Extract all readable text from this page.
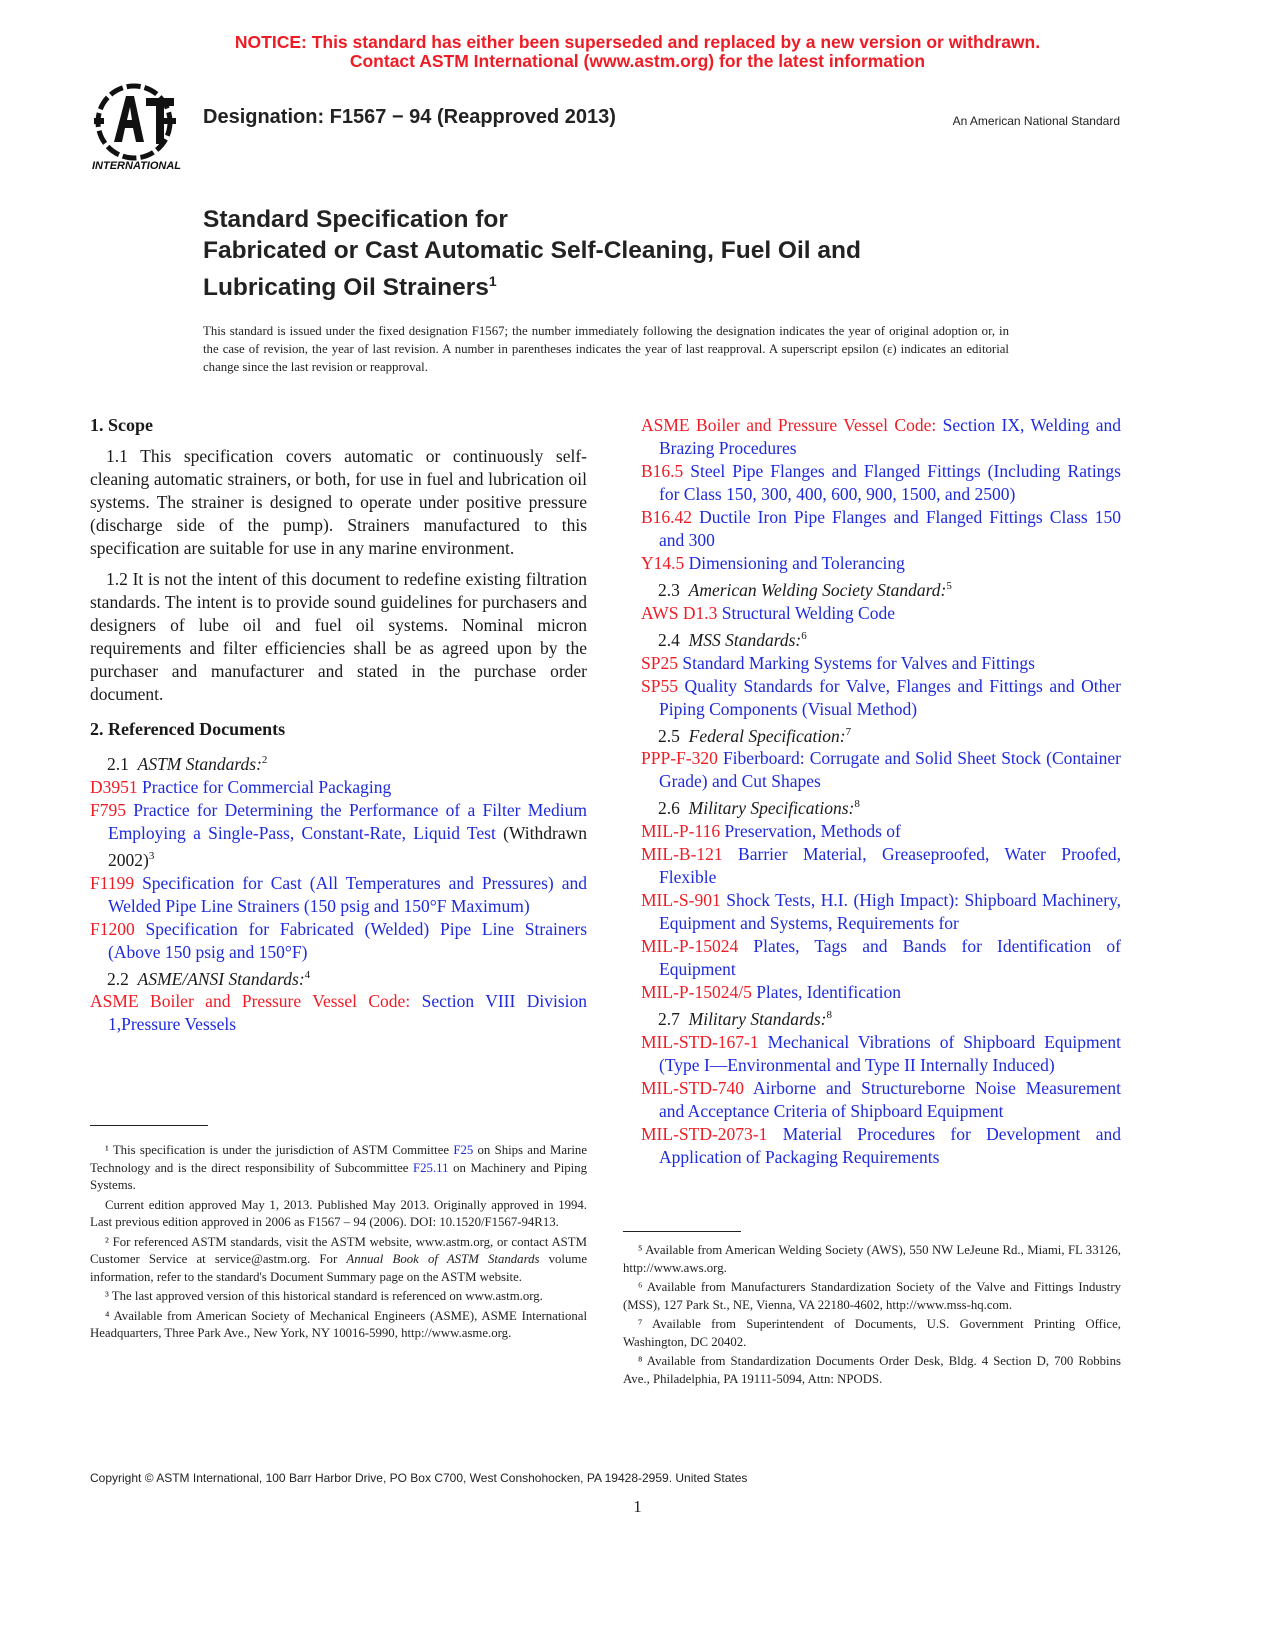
NOTICE: This standard has either been superseded and replaced by a new version or withdrawn.
Contact ASTM International (www.astm.org) for the latest information
INTERNATIONAL
Designation: F1567 − 94 (Reapproved 2013)	An American National Standard
Standard Specification for
Fabricated or Cast Automatic Self-Cleaning, Fuel Oil and
Lubricating Oil Strainers$^1$
This standard is issued under the fixed designation F1567; the number immediately following the designation indicates the year of original adoption or, in the case of revision, the year of last revision. A number in parentheses indicates the year of last reapproval. A superscript epsilon (ε) indicates an editorial change since the last revision or reapproval.
1. Scope

1.1 This specification covers automatic or continuously self-cleaning automatic strainers, or both, for use in fuel and lubrication oil systems. The strainer is designed to operate under positive pressure (discharge side of the pump). Strainers manufactured to this specification are suitable for use in any marine environment.

1.2 It is not the intent of this document to redefine existing filtration standards. The intent is to provide sound guidelines for purchasers and designers of lube oil and fuel oil systems. Nominal micron requirements and filter efficiencies shall be as agreed upon by the purchaser and manufacturer and stated in the purchase order document.

2. Referenced Documents

2.1 ASTM Standards:$^2$

D3951 Practice for Commercial Packaging

F795 Practice for Determining the Performance of a Filter Medium Employing a Single-Pass, Constant-Rate, Liquid Test (Withdrawn 2002)$^3$

F1199 Specification for Cast (All Temperatures and Pressures) and Welded Pipe Line Strainers (150 psig and 150°F Maximum)

F1200 Specification for Fabricated (Welded) Pipe Line Strainers (Above 150 psig and 150°F)

2.2 ASME/ANSI Standards:$^4$

ASME Boiler and Pressure Vessel Code: Section VIII Division 1,Pressure Vessels

ASME Boiler and Pressure Vessel Code: Section IX, Welding and Brazing Procedures

B16.5 Steel Pipe Flanges and Flanged Fittings (Including Ratings for Class 150, 300, 400, 600, 900, 1500, and 2500)

B16.42 Ductile Iron Pipe Flanges and Flanged Fittings Class 150 and 300

Y14.5 Dimensioning and Tolerancing

2.3 American Welding Society Standard:$^5$

AWS D1.3 Structural Welding Code

2.4 MSS Standards:$^6$

SP25 Standard Marking Systems for Valves and Fittings

SP55 Quality Standards for Valve, Flanges and Fittings and Other Piping Components (Visual Method)

2.5 Federal Specification:$^7$

PPP-F-320 Fiberboard: Corrugate and Solid Sheet Stock (Container Grade) and Cut Shapes

2.6 Military Specifications:$^8$

MIL-P-116 Preservation, Methods of

MIL-B-121 Barrier Material, Greaseproofed, Water Proofed, Flexible

MIL-S-901 Shock Tests, H.I. (High Impact): Shipboard Machinery, Equipment and Systems, Requirements for

MIL-P-15024 Plates, Tags and Bands for Identification of Equipment

MIL-P-15024/5 Plates, Identification

2.7 Military Standards:$^8$

MIL-STD-167-1 Mechanical Vibrations of Shipboard Equipment (Type I—Environmental and Type II Internally Induced)

MIL-STD-740 Airborne and Structureborne Noise Measurement and Acceptance Criteria of Shipboard Equipment

MIL-STD-2073-1 Material Procedures for Development and Application of Packaging Requirements

¹ This specification is under the jurisdiction of ASTM Committee F25 on Ships and Marine Technology and is the direct responsibility of Subcommittee F25.11 on Machinery and Piping Systems.

Current edition approved May 1, 2013. Published May 2013. Originally approved in 1994. Last previous edition approved in 2006 as F1567 – 94 (2006). DOI: 10.1520/F1567-94R13.

² For referenced ASTM standards, visit the ASTM website, www.astm.org, or contact ASTM Customer Service at service@astm.org. For Annual Book of ASTM Standards volume information, refer to the standard's Document Summary page on the ASTM website.

³ The last approved version of this historical standard is referenced on www.astm.org.

⁴ Available from American Society of Mechanical Engineers (ASME), ASME International Headquarters, Three Park Ave., New York, NY 10016-5990, http://www.asme.org.

⁵ Available from American Welding Society (AWS), 550 NW LeJeune Rd., Miami, FL 33126, http://www.aws.org.

⁶ Available from Manufacturers Standardization Society of the Valve and Fittings Industry (MSS), 127 Park St., NE, Vienna, VA 22180-4602, http://www.mss-hq.com.

⁷ Available from Superintendent of Documents, U.S. Government Printing Office, Washington, DC 20402.

⁸ Available from Standardization Documents Order Desk, Bldg. 4 Section D, 700 Robbins Ave., Philadelphia, PA 19111-5094, Attn: NPODS.

Copyright © ASTM International, 100 Barr Harbor Drive, PO Box C700, West Conshohocken, PA 19428-2959. United States
1
